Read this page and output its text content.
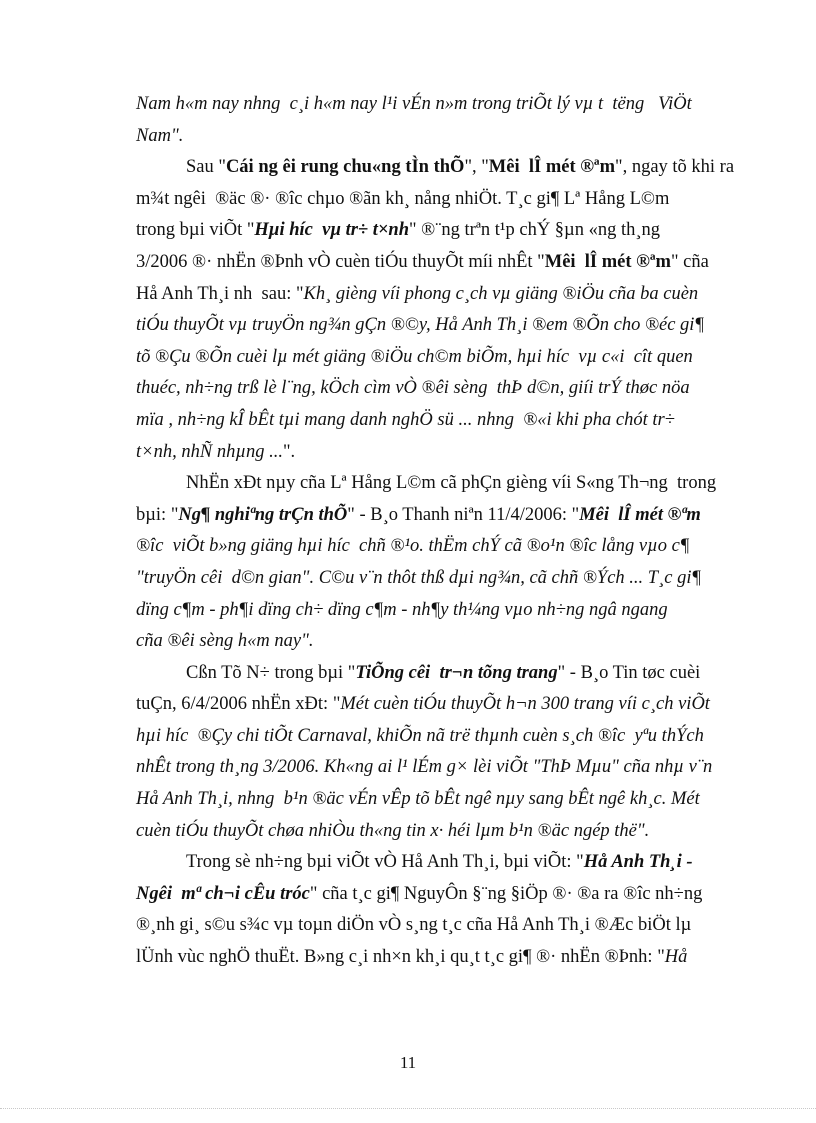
Nam h«m nay nhng  c¸i h«m nay l¹i vÉn n»m trong triÕt lý vµ t  tëng   ViÖt
Nam".
Sau "Cái ng êi rung chu«ng tÌn thÕ", "Mêi  lÎ mét ®ªm", ngay tõ khi ra
m¾t ngêi  ®äc ®· ®îc chµo ®ãn kh¸ nång nhiÖt. T¸c gi¶ Lª Hång L©m
trong bµi viÕt "Hµi híc  vµ tr÷ t×nh" ®¨ng trªn t¹p chÝ §µn «ng th¸ng
3/2006 ®· nhËn ®Þnh vÒ cuèn tiÓu thuyÕt míi nhÊt "Mêi  lÎ mét ®ªm" cña
Hå Anh Th¸i nh  sau: "Kh¸ gièng víi phong c¸ch vµ giäng ®iÖu cña ba cuèn
tiÓu thuyÕt vµ truyÖn ng¾n gÇn ®©y, Hå Anh Th¸i ®em ®Õn cho ®éc gi¶
tõ ®Çu ®Õn cuèi lµ mét giäng ®iÖu ch©m biÕm, hµi híc  vµ c«i  cît quen
thuéc, nh÷ng trß lè l¨ng, kÖch cìm vÒ ®êi sèng  thÞ d©n, giíi trÝ thøc nöa
mïa , nh÷ng kÎ bÊt tµi mang danh nghÖ sü ... nhng  ®«i khi pha chót tr÷
t×nh, nhÑ nhµng ...".
NhËn xÐt nµy cña Lª Hång L©m cã phÇn gièng víi S«ng Th¬ng  trong
bµi: "Ng¶ nghiªng trÇn thÕ" - B¸o Thanh niªn 11/4/2006: "Mêi  lÎ mét ®ªm
®îc  viÕt b»ng giäng hµi híc  chñ ®¹o. thËm chÝ cã ®o¹n ®îc lång vµo c¶
"truyÖn cêi  d©n gian". C©u v¨n thôt thß dµi ng¾n, cã chñ ®Ých ... T¸c gi¶
dïng c¶m - ph¶i dïng ch÷ dïng c¶m - nh¶y th¼ng vµo nh÷ng ngâ ngang
cña ®êi sèng h«m nay".
Cßn Tõ N÷ trong bµi "TiÕng cêi  tr¬n tõng trang" - B¸o Tin tøc cuèi
tuÇn, 6/4/2006 nhËn xÐt: "Mét cuèn tiÓu thuyÕt h¬n 300 trang víi c¸ch viÕt
hµi híc  ®Çy chi tiÕt Carnaval, khiÕn nã trë thµnh cuèn s¸ch ®îc  yªu thÝch
nhÊt trong th¸ng 3/2006. Kh«ng ai l¹ lÉm g× lèi viÕt "ThÞ Mµu" cña nhµ v¨n
Hå Anh Th¸i, nhng  b¹n ®äc vÉn vÊp tõ bÊt ngê nµy sang bÊt ngê kh¸c. Mét
cuèn tiÓu thuyÕt chøa nhiÒu th«ng tin x· héi lµm b¹n ®äc ngép thë".
Trong sè nh÷ng bµi viÕt vÒ Hå Anh Th¸i, bµi viÕt: "Hå Anh Th¸i -
Ngêi  mª ch¬i cÊu tróc" cña t¸c gi¶ NguyÔn §¨ng §iÖp ®· ®a ra ®îc nh÷ng
®¸nh gi¸ s©u s¾c vµ toµn diÖn vÒ s¸ng t¸c cña Hå Anh Th¸i ®Æc biÖt lµ
lÜnh vùc nghÖ thuËt. B»ng c¸i nh×n kh¸i qu¸t t¸c gi¶ ®· nhËn ®Þnh: "Hå
11
